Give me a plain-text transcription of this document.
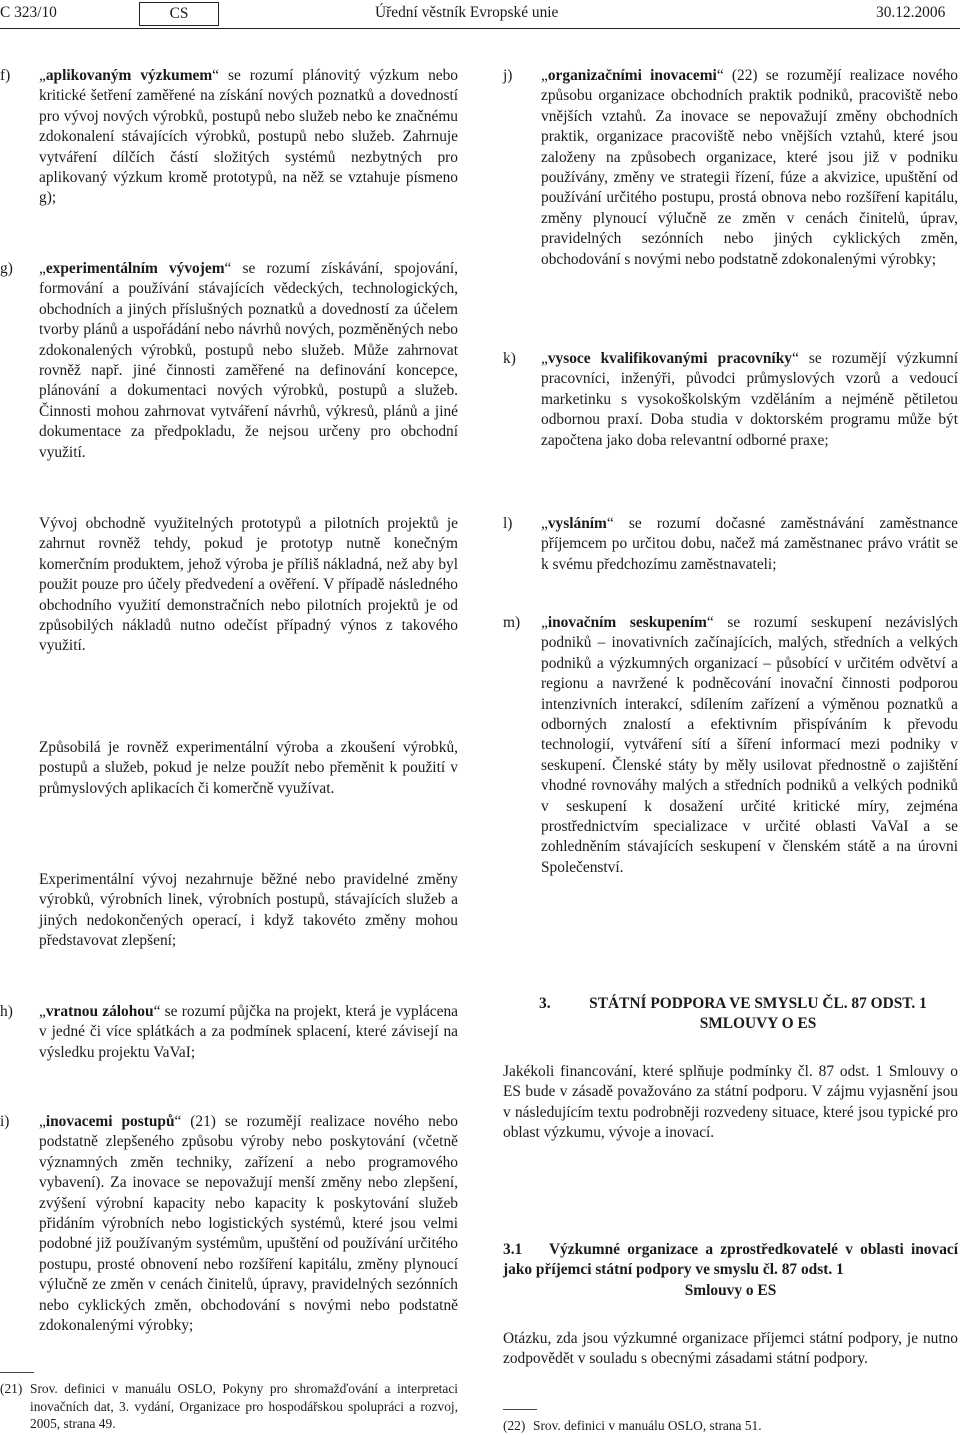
C 323/10	CS	Úřední věstník Evropské unie	30.12.2006
f) „aplikovaným výzkumem“ se rozumí plánovitý výzkum nebo kritické šetření zaměřené na získání nových poznatků a dovedností pro vývoj nových výrobků, postupů nebo služeb nebo ke značnému zdokonalení stávajících výrobků, postupů nebo služeb. Zahrnuje vytváření dílčích částí složitých systémů nezbytných pro aplikovaný výzkum kromě prototypů, na něž se vztahuje písmeno g);
g) „experimentálním vývojem“ se rozumí získávání, spojování, formování a používání stávajících vědeckých, technologických, obchodních a jiných příslušných poznatků a dovedností za účelem tvorby plánů a uspořádání nebo návrhů nových, pozměněných nebo zdokonalených výrobků, postupů nebo služeb. Může zahrnovat rovněž např. jiné činnosti zaměřené na definování koncepce, plánování a dokumentaci nových výrobků, postupů a služeb. Činnosti mohou zahrnovat vytváření návrhů, výkresů, plánů a jiné dokumentace za předpokladu, že nejsou určeny pro obchodní využití.
Vývoj obchodně využitelných prototypů a pilotních projektů je zahrnut rovněž tehdy, pokud je prototyp nutně konečným komerčním produktem, jehož výroba je příliš nákladná, než aby byl použit pouze pro účely předvedení a ověření. V případě následného obchodního využití demonstračních nebo pilotních projektů je od způsobilých nákladů nutno odečíst případný výnos z takového využití.
Způsobilá je rovněž experimentální výroba a zkoušení výrobků, postupů a služeb, pokud je nelze použít nebo přeměnit k použití v průmyslových aplikacích či komerčně využívat.
Experimentální vývoj nezahrnuje běžné nebo pravidelné změny výrobků, výrobních linek, výrobních postupů, stávajících služeb a jiných nedokončených operací, i když takovéto změny mohou představovat zlepšení;
h) „vratnou zálohou“ se rozumí půjčka na projekt, která je vyplácena v jedné či více splátkách a za podmínek splacení, které závisejí na výsledku projektu VaVaI;
i) „inovacemi postupů“ (21) se rozumějí realizace nového nebo podstatně zlepšeného způsobu výroby nebo poskytování (včetně významných změn techniky, zařízení a nebo programového vybavení). Za inovace se nepovažují menší změny nebo zlepšení, zvýšení výrobní kapacity nebo kapacity k poskytování služeb přidáním výrobních nebo logistických systémů, které jsou velmi podobné již používaným systémům, upuštění od používání určitého postupu, prosté obnovení nebo rozšíření kapitálu, změny plynoucí výlučně ze změn v cenách činitelů, úpravy, pravidelných sezónních nebo cyklických změn, obchodování s novými nebo podstatně zdokonalenými výrobky;
(21) Srov. definici v manuálu OSLO, Pokyny pro shromažďování a interpretaci inovačních dat, 3. vydání, Organizace pro hospodářskou spolupráci a rozvoj, 2005, strana 49.
j) „organizačními inovacemi“ (22) se rozumějí realizace nového způsobu organizace obchodních praktik podniků, pracoviště nebo vnějších vztahů. Za inovace se nepovažují změny obchodních praktik, organizace pracoviště nebo vnějších vztahů, které jsou založeny na způsobech organizace, které jsou již v podniku používány, změny ve strategii řízení, fúze a akvizice, upuštění od používání určitého postupu, prostá obnova nebo rozšíření kapitálu, změny plynoucí výlučně ze změn v cenách činitelů, úprav, pravidelných sezónních nebo jiných cyklických změn, obchodování s novými nebo podstatně zdokonalenými výrobky;
k) „vysoce kvalifikovanými pracovníky“ se rozumějí výzkumní pracovníci, inženýři, původci průmyslových vzorů a vedoucí marketinku s vysokoškolským vzděláním a nejméně pětiletou odbornou praxí. Doba studia v doktorském programu může být započtena jako doba relevantní odborné praxe;
l) „vysláním“ se rozumí dočasné zaměstnávání zaměstnance příjemcem po určitou dobu, načež má zaměstnanec právo vrátit se k svému předchozímu zaměstnavateli;
m) „inovačním seskupením“ se rozumí seskupení nezávislých podniků – inovativních začínajících, malých, středních a velkých podniků a výzkumných organizací – působící v určitém odvětví a regionu a navržené k podněcování inovační činnosti podporou intenzivních interakcí, sdílením zařízení a výměnou poznatků a odborných znalostí a efektivním přispíváním k převodu technologií, vytváření sítí a šíření informací mezi podniky v seskupení. Členské státy by měly usilovat přednostně o zajištění vhodné rovnováhy malých a středních podniků a velkých podniků v seskupení k dosažení určité kritické míry, zejména prostřednictvím specializace v určité oblasti VaVaI a se zohledněním stávajících seskupení v členském státě a na úrovni Společenství.
3.	STÁTNÍ PODPORA VE SMYSLU ČL. 87 ODST. 1
SMLOUVY O ES
Jakékoli financování, které splňuje podmínky čl. 87 odst. 1 Smlouvy o ES bude v zásadě považováno za státní podporu. V zájmu vyjasnění jsou v následujícím textu podrobněji rozvedeny situace, které jsou typické pro oblast výzkumu, vývoje a inovací.
3.1 Výzkumné organizace a zprostředkovatelé v oblasti inovací jako příjemci státní podpory ve smyslu čl. 87 odst. 1
Smlouvy o ES
Otázku, zda jsou výzkumné organizace příjemci státní podpory, je nutno zodpovědět v souladu s obecnými zásadami státní podpory.
(22) Srov. definici v manuálu OSLO, strana 51.
